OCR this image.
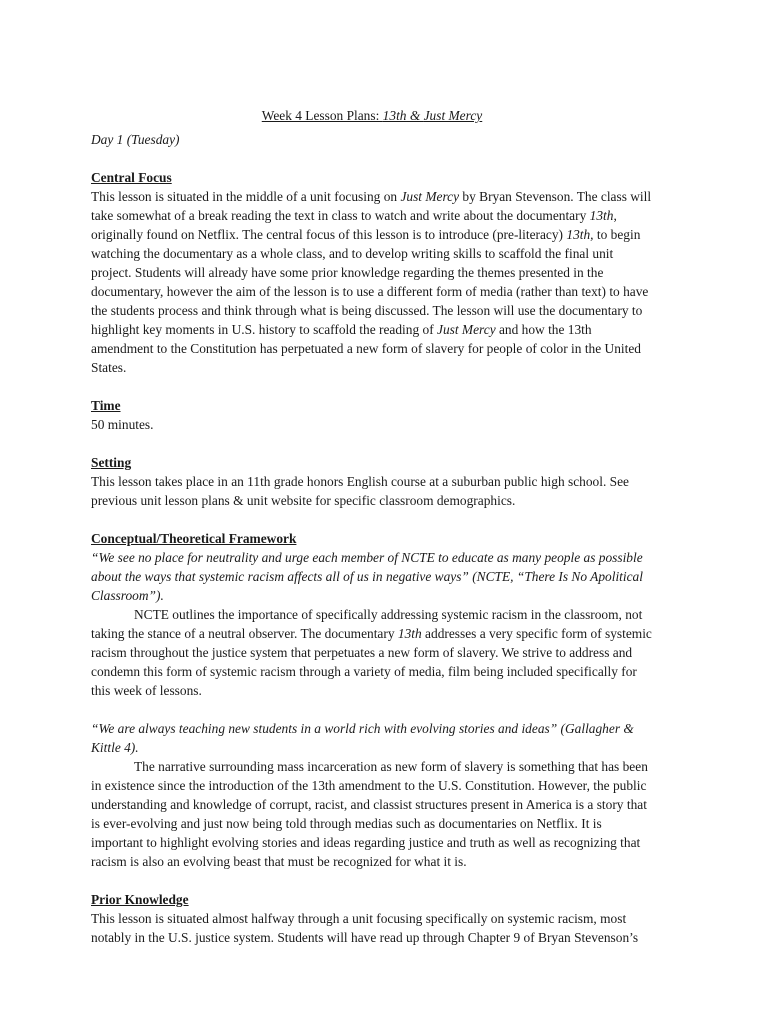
Week 4 Lesson Plans: 13th & Just Mercy
Day 1 (Tuesday)
Central Focus

This lesson is situated in the middle of a unit focusing on Just Mercy by Bryan Stevenson. The class will take somewhat of a break reading the text in class to watch and write about the documentary 13th, originally found on Netflix. The central focus of this lesson is to introduce (pre-literacy) 13th, to begin watching the documentary as a whole class, and to develop writing skills to scaffold the final unit project. Students will already have some prior knowledge regarding the themes presented in the documentary, however the aim of the lesson is to use a different form of media (rather than text) to have the students process and think through what is being discussed. The lesson will use the documentary to highlight key moments in U.S. history to scaffold the reading of Just Mercy and how the 13th amendment to the Constitution has perpetuated a new form of slavery for people of color in the United States.

Time

50 minutes.

Setting

This lesson takes place in an 11th grade honors English course at a suburban public high school. See previous unit lesson plans & unit website for specific classroom demographics.

Conceptual/Theoretical Framework

“We see no place for neutrality and urge each member of NCTE to educate as many people as possible about the ways that systemic racism affects all of us in negative ways” (NCTE, “There Is No Apolitical Classroom”).

NCTE outlines the importance of specifically addressing systemic racism in the classroom, not taking the stance of a neutral observer. The documentary 13th addresses a very specific form of systemic racism throughout the justice system that perpetuates a new form of slavery. We strive to address and condemn this form of systemic racism through a variety of media, film being included specifically for this week of lessons.

“We are always teaching new students in a world rich with evolving stories and ideas” (Gallagher & Kittle 4).

The narrative surrounding mass incarceration as new form of slavery is something that has been in existence since the introduction of the 13th amendment to the U.S. Constitution. However, the public understanding and knowledge of corrupt, racist, and classist structures present in America is a story that is ever-evolving and just now being told through medias such as documentaries on Netflix. It is important to highlight evolving stories and ideas regarding justice and truth as well as recognizing that racism is also an evolving beast that must be recognized for what it is.

Prior Knowledge

This lesson is situated almost halfway through a unit focusing specifically on systemic racism, most notably in the U.S. justice system. Students will have read up through Chapter 9 of Bryan Stevenson’s
